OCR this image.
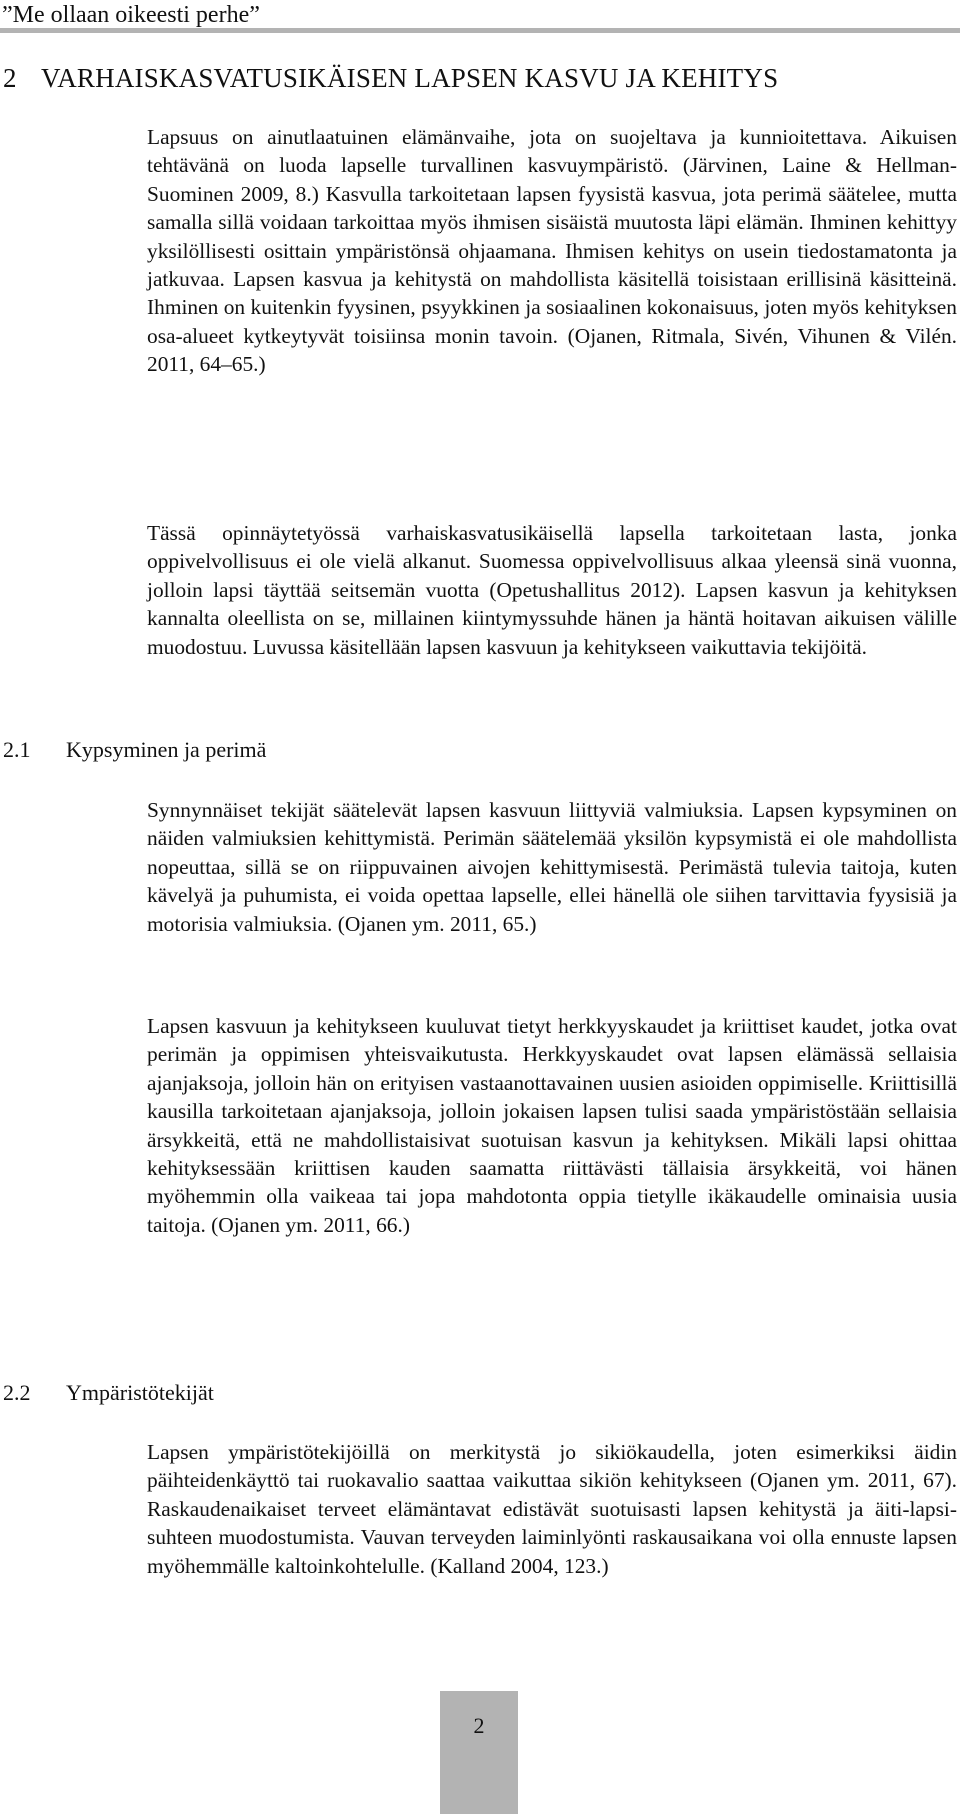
”Me ollaan oikeesti perhe”
2 VARHAISKASVATUSIKÄISEN LAPSEN KASVU JA KEHITYS

Lapsuus on ainutlaatuinen elämänvaihe, jota on suojeltava ja kunnioitettava. Aikuisen tehtävänä on luoda lapselle turvallinen kasvuympäristö. (Järvinen, Laine & Hellman-Suominen 2009, 8.) Kasvulla tarkoitetaan lapsen fyysistä kasvua, jota perimä säätelee, mutta samalla sillä voidaan tarkoittaa myös ihmisen sisäistä muutosta läpi elämän. Ihminen kehittyy yksilöllisesti osittain ympäristönsä ohjaamana. Ihmisen kehitys on usein tiedostamatonta ja jatkuvaa. Lapsen kasvua ja kehitystä on mahdollista käsitellä toisistaan erillisinä käsitteinä. Ihminen on kuitenkin fyysinen, psyykkinen ja sosiaalinen kokonaisuus, joten myös kehityksen osa-alueet kytkeytyvät toisiinsa monin tavoin. (Ojanen, Ritmala, Sivén, Vihunen & Vilén. 2011, 64–65.)

Tässä opinnäytetyössä varhaiskasvatusikäisellä lapsella tarkoitetaan lasta, jonka oppivelvollisuus ei ole vielä alkanut. Suomessa oppivelvollisuus alkaa yleensä sinä vuonna, jolloin lapsi täyttää seitsemän vuotta (Opetushallitus 2012). Lapsen kasvun ja kehityksen kannalta oleellista on se, millainen kiintymyssuhde hänen ja häntä hoitavan aikuisen välille muodostuu. Luvussa käsitellään lapsen kasvuun ja kehitykseen vaikuttavia tekijöitä.

2.1 Kypsyminen ja perimä

Synnynnäiset tekijät säätelevät lapsen kasvuun liittyviä valmiuksia. Lapsen kypsyminen on näiden valmiuksien kehittymistä. Perimän säätelemää yksilön kypsymistä ei ole mahdollista nopeuttaa, sillä se on riippuvainen aivojen kehittymisestä. Perimästä tulevia taitoja, kuten kävelyä ja puhumista, ei voida opettaa lapselle, ellei hänellä ole siihen tarvittavia fyysisiä ja motorisia valmiuksia. (Ojanen ym. 2011, 65.)

Lapsen kasvuun ja kehitykseen kuuluvat tietyt herkkyyskaudet ja kriittiset kaudet, jotka ovat perimän ja oppimisen yhteisvaikutusta. Herkkyyskaudet ovat lapsen elämässä sellaisia ajanjaksoja, jolloin hän on erityisen vastaanottavainen uusien asioiden oppimiselle. Kriittisillä kausilla tarkoitetaan ajanjaksoja, jolloin jokaisen lapsen tulisi saada ympäristöstään sellaisia ärsykkeitä, että ne mahdollistaisivat suotuisan kasvun ja kehityksen. Mikäli lapsi ohittaa kehityksessään kriittisen kauden saamatta riittävästi tällaisia ärsykkeitä, voi hänen myöhemmin olla vaikeaa tai jopa mahdotonta oppia tietylle ikäkaudelle ominaisia uusia taitoja. (Ojanen ym. 2011, 66.)

2.2 Ympäristötekijät

Lapsen ympäristötekijöillä on merkitystä jo sikiökaudella, joten esimerkiksi äidin päihteidenkäyttö tai ruokavalio saattaa vaikuttaa sikiön kehitykseen (Ojanen ym. 2011, 67). Raskaudenaikaiset terveet elämäntavat edistävät suotuisasti lapsen kehitystä ja äiti-lapsi-suhteen muodostumista. Vauvan terveyden laiminlyönti raskausaikana voi olla ennuste lapsen myöhemmälle kaltoinkohtelulle. (Kalland 2004, 123.)

2
